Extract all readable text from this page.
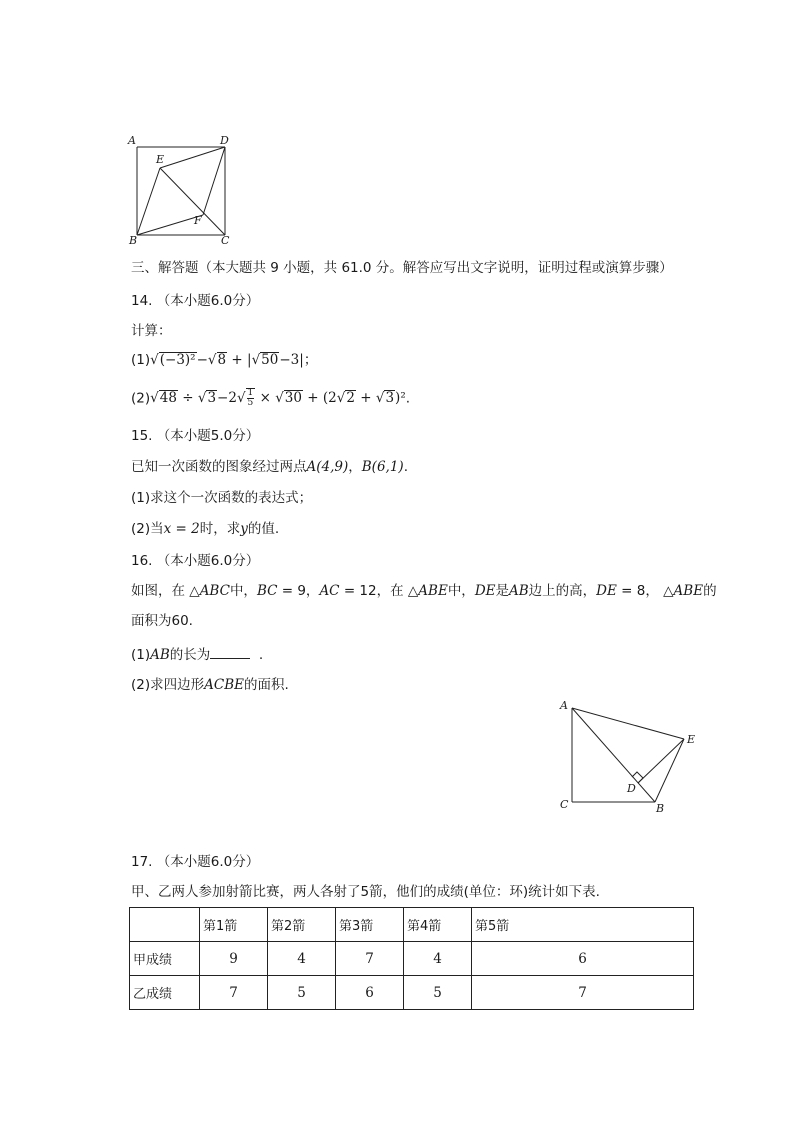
A	D
E
F
B	C
三、解答题（本大题共 9 小题，共 61.0 分。解答应写出文字说明，证明过程或演算步骤）
14. （本小题6.0分）
计算：
(1)√(−3)²−√8 + |√50−3|；
$(2)√48 \div √3-2√ \frac{1}{5} \times √30 + (2√2 + √3)^2$.
15. （本小题5.0分）
已知一次函数的图象经过两点A(4,9)，B(6,1).
(1)求这个一次函数的表达式；
(2)当x = 2时，求y的值.
16. （本小题6.0分）
如图，在 △ABC中，BC = 9，AC = 12，在 △ABE中，DE是AB边上的高，DE = 8， △ABE的
面积为60.
(1)AB的长为	.
(2)求四边形ACBE的面积.
A
E
D
C	B
17. （本小题6.0分）
甲、乙两人参加射箭比赛，两人各射了5箭，他们的成绩(单位：环)统计如下表.
	第1箭	第2箭	第3箭	第4箭	第5箭
甲成绩	9	4	7	4	6
乙成绩	7	5	6	5	7
